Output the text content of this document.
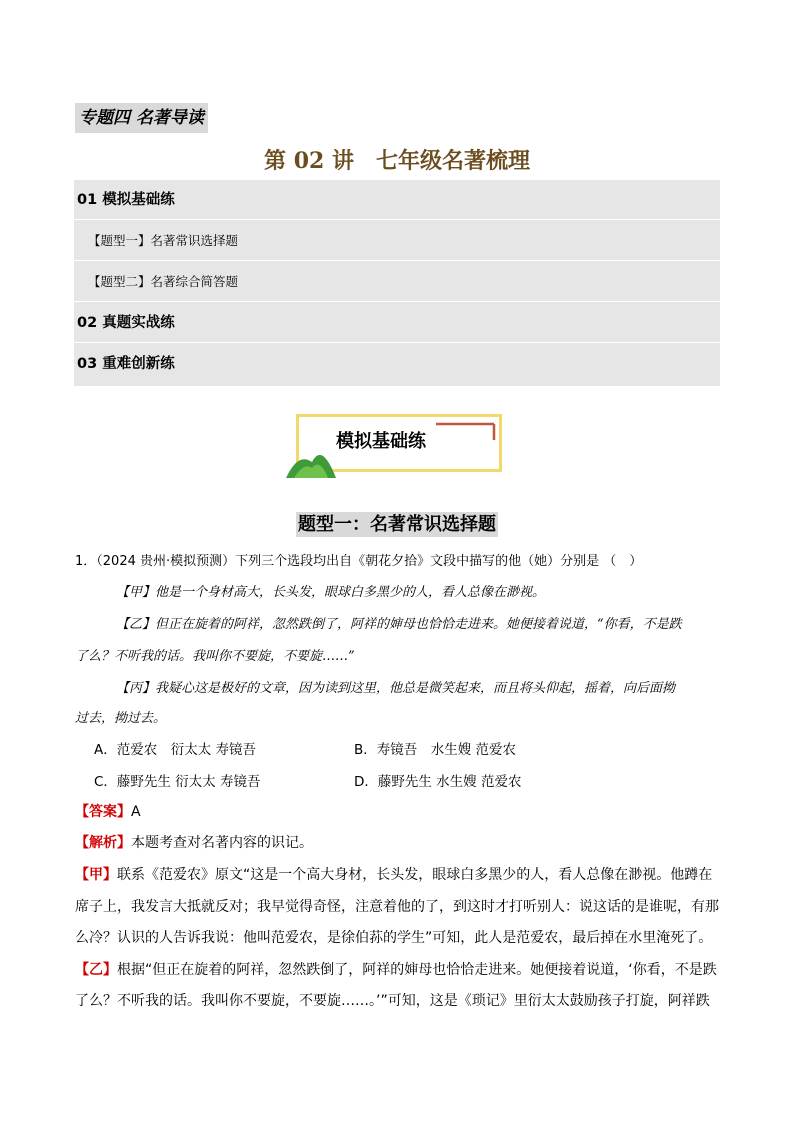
专题四 名著导读
第 02 讲　七年级名著梳理
01 模拟基础练
【题型一】名著常识选择题
【题型二】名著综合简答题
02 真题实战练
03 重难创新练
模拟基础练
题型一：名著常识选择题
1．（2024 贵州·模拟预测）下列三个选段均出自《朝花夕拾》文段中描写的他（她）分别是 （　）
【甲】他是一个身材高大，长头发，眼球白多黑少的人，看人总像在渺视。
【乙】但正在旋着的阿祥，忽然跌倒了，阿祥的婶母也恰恰走进来。她便接着说道，“你看，不是跌
了么？不听我的话。我叫你不要旋，不要旋……”
【丙】我疑心这是极好的文章，因为读到这里，他总是微笑起来，而且将头仰起，摇着，向后面拗
过去，拗过去。
A．范爱农　衍太太 寿镜吾	B．寿镜吾　水生嫂 范爱农
C．藤野先生 衍太太 寿镜吾	D．藤野先生 水生嫂 范爱农
【答案】A
【解析】本题考查对名著内容的识记。
【甲】联系《范爱农》原文“这是一个高大身材，长头发，眼球白多黑少的人，看人总像在渺视。他蹲在
席子上，我发言大抵就反对；我早觉得奇怪，注意着他的了，到这时才打听别人：说这话的是谁呢，有那
么冷？认识的人告诉我说：他叫范爱农，是徐伯荪的学生”可知，此人是范爱农，最后掉在水里淹死了。
【乙】根据“但正在旋着的阿祥，忽然跌倒了，阿祥的婶母也恰恰走进来。她便接着说道，‘你看，不是跌
了么？不听我的话。我叫你不要旋，不要旋……。’”可知，这是《琐记》里衍太太鼓励孩子打旋，阿祥跌
